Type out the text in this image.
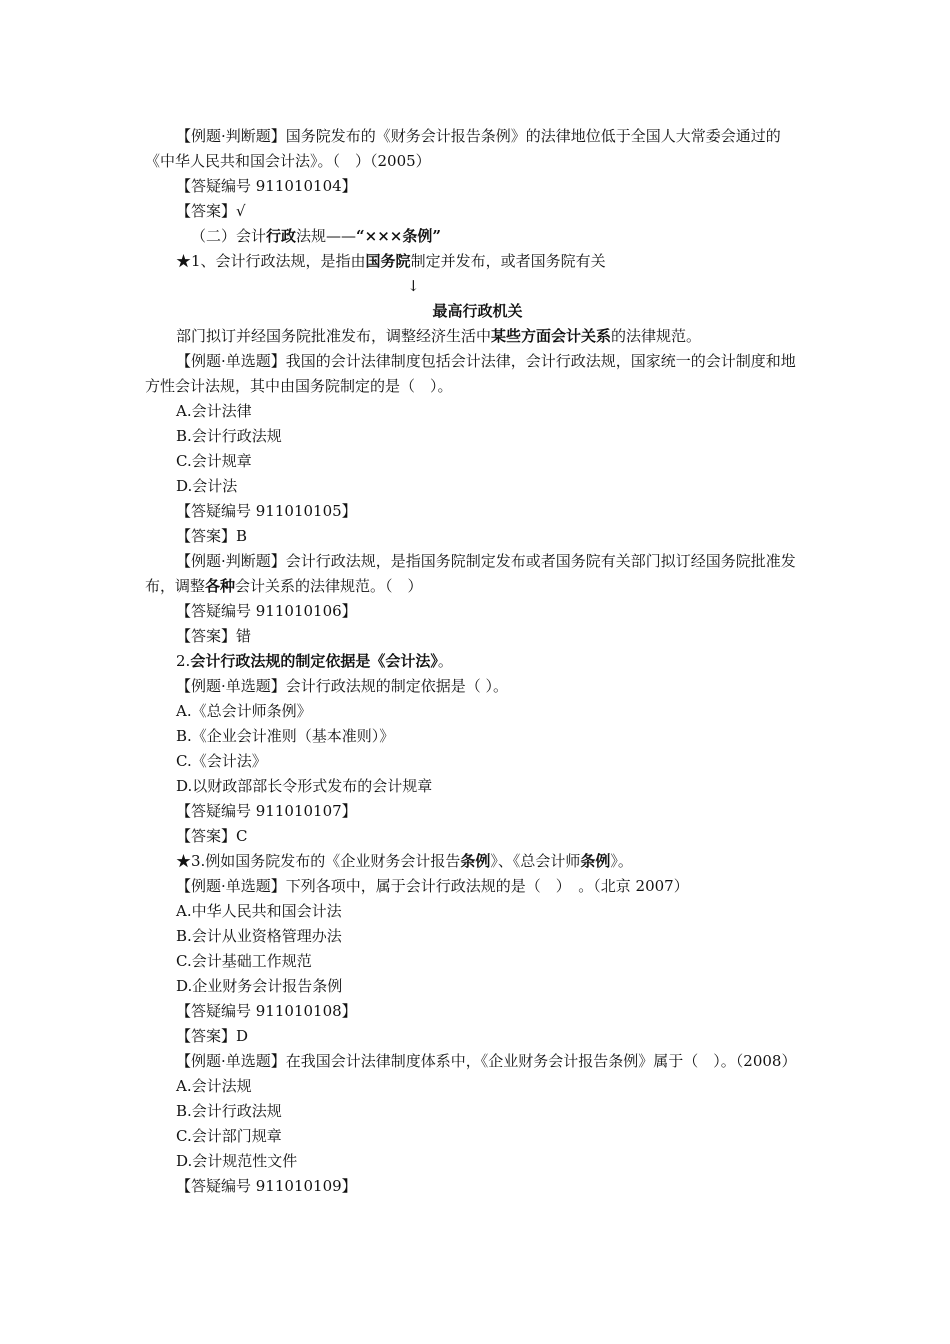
【例题·判断题】国务院发布的《财务会计报告条例》的法律地位低于全国人大常委会通过的《中华人民共和国会计法》。（　）（2005）
【答疑编号 911010104】
【答案】√
（二）会计行政法规——“×××条例”
★1、会计行政法规，是指由国务院制定并发布，或者国务院有关
↓
最高行政机关
部门拟订并经国务院批准发布，调整经济生活中某些方面会计关系的法律规范。
【例题·单选题】我国的会计法律制度包括会计法律，会计行政法规，国家统一的会计制度和地方性会计法规，其中由国务院制定的是（　）。
A.会计法律
B.会计行政法规
C.会计规章
D.会计法
【答疑编号 911010105】
【答案】B
【例题·判断题】会计行政法规，是指国务院制定发布或者国务院有关部门拟订经国务院批准发布，调整各种会计关系的法律规范。（　）
【答疑编号 911010106】
【答案】错
2.会计行政法规的制定依据是《会计法》。
【例题·单选题】会计行政法规的制定依据是（ ）。
A.《总会计师条例》
B.《企业会计准则（基本准则）》
C.《会计法》
D.以财政部部长令形式发布的会计规章
【答疑编号 911010107】
【答案】C
★3.例如国务院发布的《企业财务会计报告条例》、《总会计师条例》。
【例题·单选题】下列各项中，属于会计行政法规的是（　）　。（北京 2007）
A.中华人民共和国会计法
B.会计从业资格管理办法
C.会计基础工作规范
D.企业财务会计报告条例
【答疑编号 911010108】
【答案】D
【例题·单选题】在我国会计法律制度体系中，《企业财务会计报告条例》属于（　）。（2008）
A.会计法规
B.会计行政法规
C.会计部门规章
D.会计规范性文件
【答疑编号 911010109】
